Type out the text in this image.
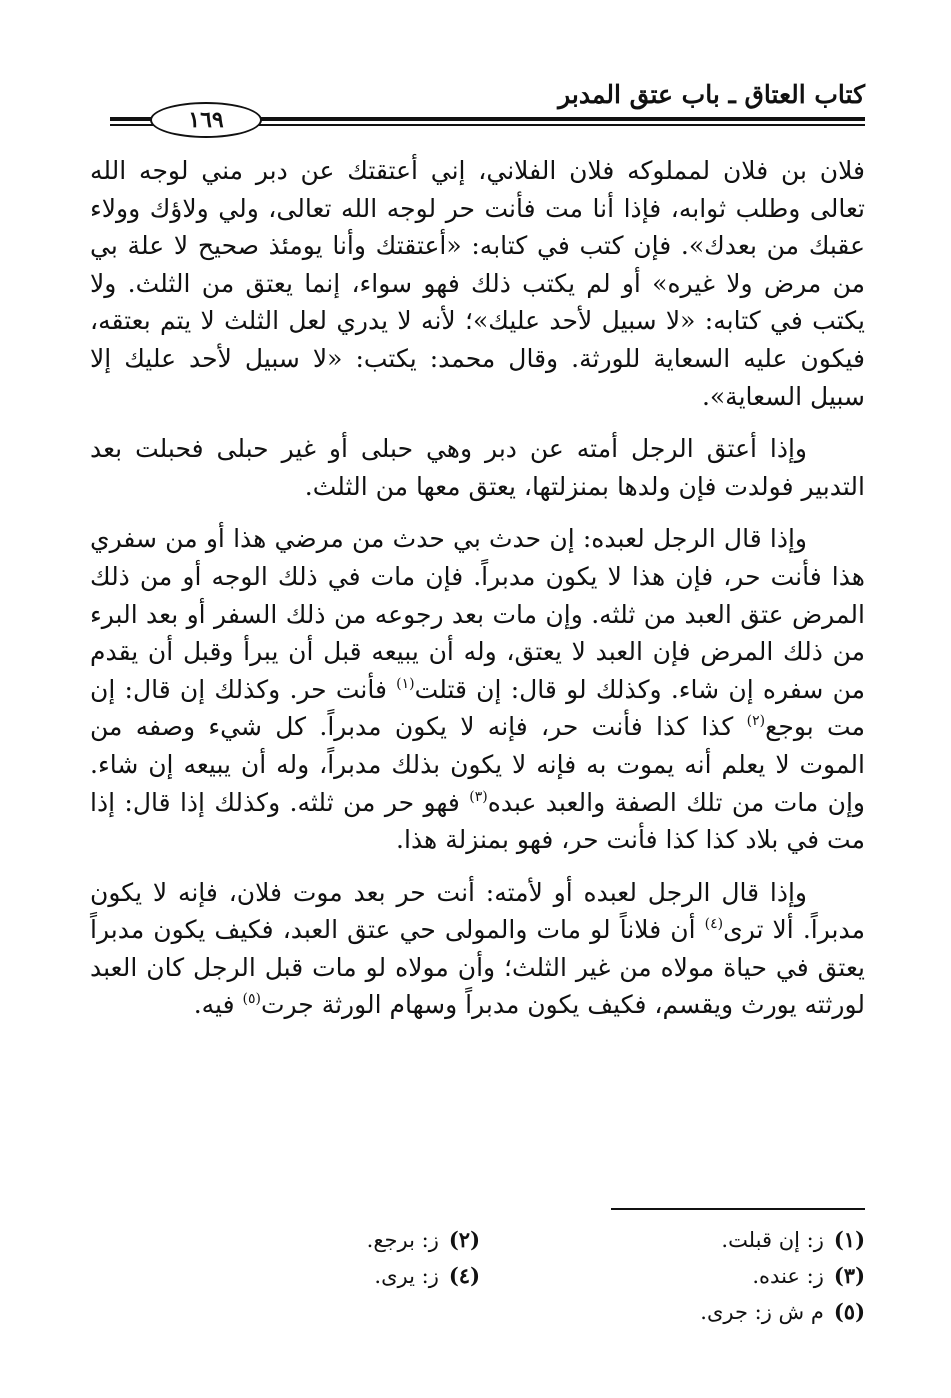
كتاب العتاق ـ باب عتق المدبر
١٦٩

فلان بن فلان لمملوكه فلان الفلاني، إني أعتقتك عن دبر مني لوجه الله تعالى وطلب ثوابه، فإذا أنا مت فأنت حر لوجه الله تعالى، ولي ولاؤك وولاء عقبك من بعدك». فإن كتب في كتابه: «أعتقتك وأنا يومئذ صحيح لا علة بي من مرض ولا غيره» أو لم يكتب ذلك فهو سواء، إنما يعتق من الثلث. ولا يكتب في كتابه: «لا سبيل لأحد عليك»؛ لأنه لا يدري لعل الثلث لا يتم بعتقه، فيكون عليه السعاية للورثة. وقال محمد: يكتب: «لا سبيل لأحد عليك إلا سبيل السعاية».

وإذا أعتق الرجل أمته عن دبر وهي حبلى أو غير حبلى فحبلت بعد التدبير فولدت فإن ولدها بمنزلتها، يعتق معها من الثلث.

وإذا قال الرجل لعبده: إن حدث بي حدث من مرضي هذا أو من سفري هذا فأنت حر، فإن هذا لا يكون مدبراً. فإن مات في ذلك الوجه أو من ذلك المرض عتق العبد من ثلثه. وإن مات بعد رجوعه من ذلك السفر أو بعد البرء من ذلك المرض فإن العبد لا يعتق، وله أن يبيعه قبل أن يبرأ وقبل أن يقدم من سفره إن شاء. وكذلك لو قال: إن قتلت$^{(١)}$ فأنت حر. وكذلك إن قال: إن مت بوجع$^{(٢)}$ كذا كذا فأنت حر، فإنه لا يكون مدبراً. كل شيء وصفه من الموت لا يعلم أنه يموت به فإنه لا يكون بذلك مدبراً، وله أن يبيعه إن شاء. وإن مات من تلك الصفة والعبد عبده$^{(٣)}$ فهو حر من ثلثه. وكذلك إذا قال: إذا مت في بلاد كذا كذا فأنت حر، فهو بمنزلة هذا.

وإذا قال الرجل لعبده أو لأمته: أنت حر بعد موت فلان، فإنه لا يكون مدبراً. ألا ترى$^{(٤)}$ أن فلاناً لو مات والمولى حي عتق العبد، فكيف يكون مدبراً يعتق في حياة مولاه من غير الثلث؛ وأن مولاه لو مات قبل الرجل كان العبد لورثته يورث ويقسم، فكيف يكون مدبراً وسهام الورثة جرت$^{(٥)}$ فيه.

(١)ز: إن قبلت.
(٢)ز: برجع.
(٣)ز: عنده.
(٤)ز: يرى.
(٥)م ش ز: جرى.
